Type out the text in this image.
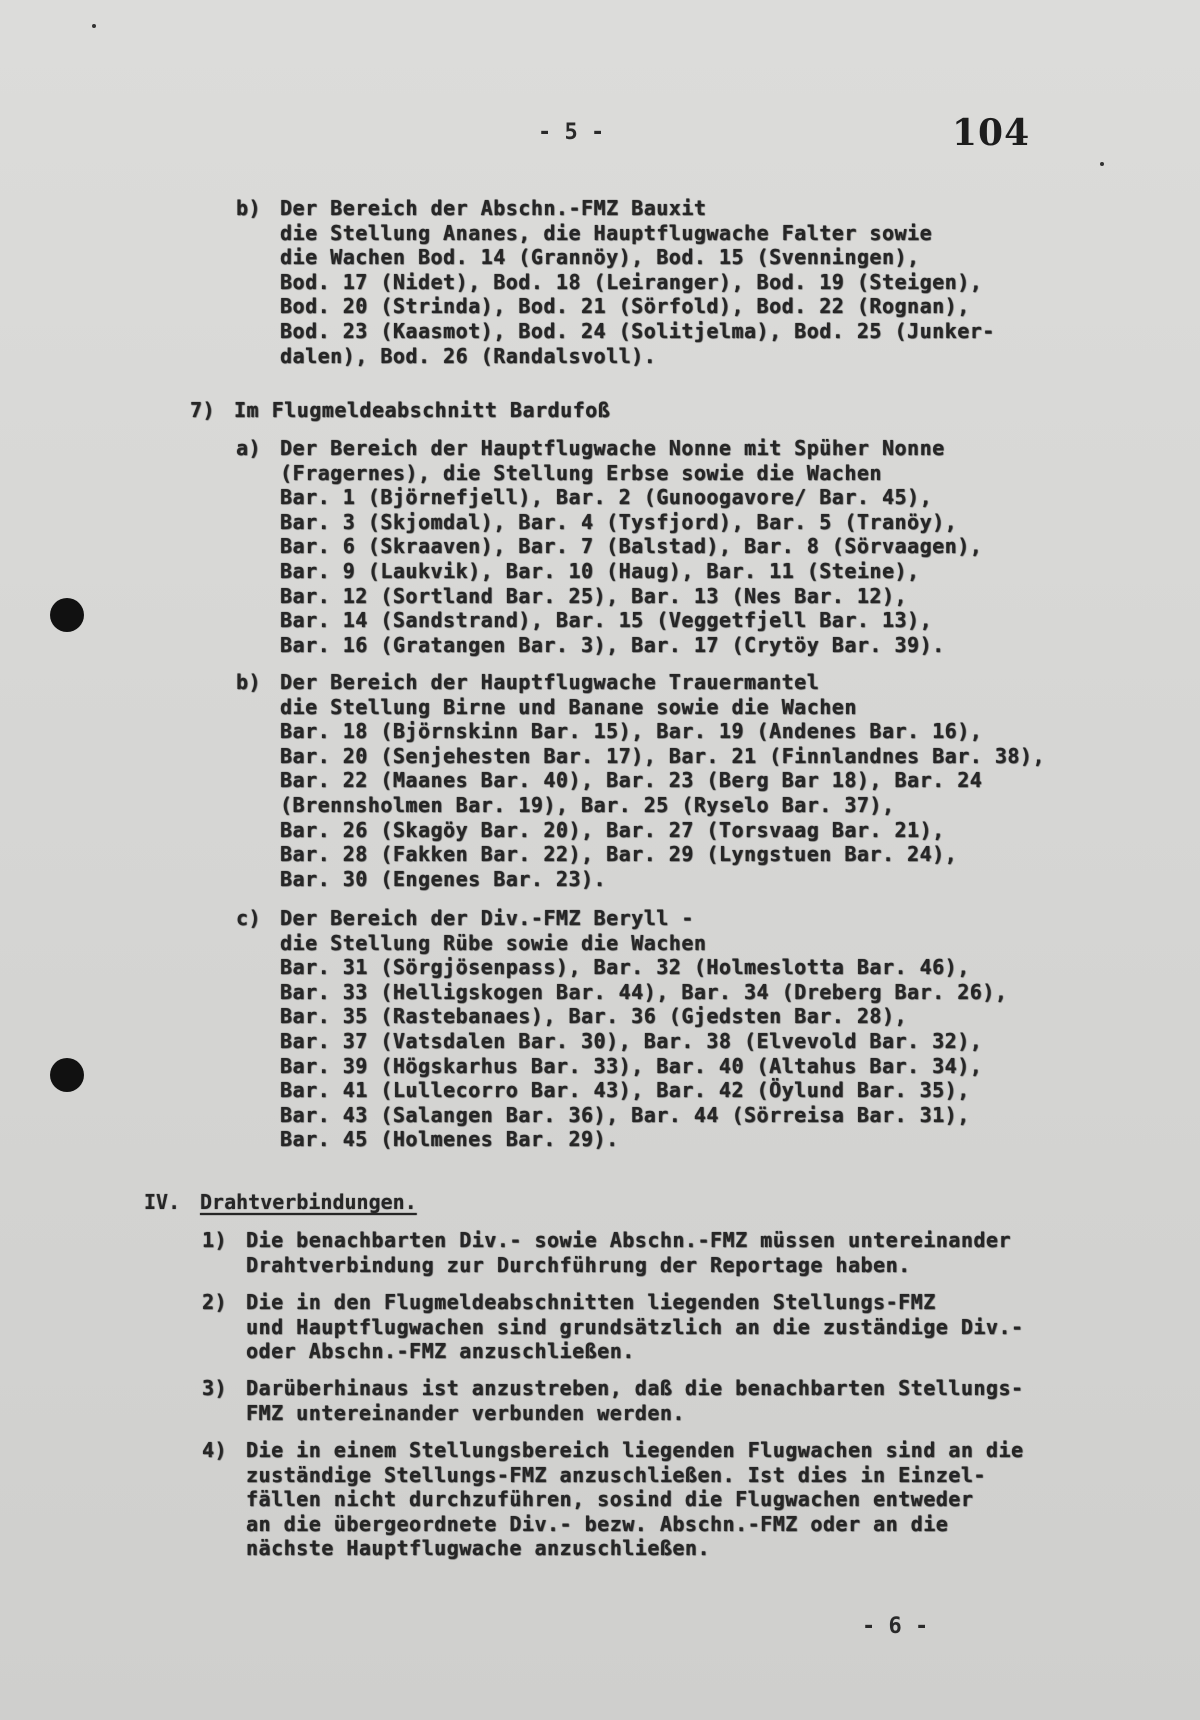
- 5 -	104
b) Der Bereich der Abschn.-FMZ Bauxit
die Stellung Ananes, die Hauptflugwache Falter sowie
die Wachen Bod. 14 (Grannöy), Bod. 15 (Svenningen),
Bod. 17 (Nidet), Bod. 18 (Leiranger), Bod. 19 (Steigen),
Bod. 20 (Strinda), Bod. 21 (Sörfold), Bod. 22 (Rognan),
Bod. 23 (Kaasmot), Bod. 24 (Solitjelma), Bod. 25 (Junker-
dalen), Bod. 26 (Randalsvoll).
7) Im Flugmeldeabschnitt Bardufoß
a) Der Bereich der Hauptflugwache Nonne mit Spüher Nonne
(Fragernes), die Stellung Erbse sowie die Wachen
Bar. 1 (Björnefjell), Bar. 2 (Gunoogavore/ Bar. 45),
Bar. 3 (Skjomdal), Bar. 4 (Tysfjord), Bar. 5 (Tranöy),
Bar. 6 (Skraaven), Bar. 7 (Balstad), Bar. 8 (Sörvaagen),
Bar. 9 (Laukvik), Bar. 10 (Haug), Bar. 11 (Steine),
Bar. 12 (Sortland Bar. 25), Bar. 13 (Nes Bar. 12),
Bar. 14 (Sandstrand), Bar. 15 (Veggetfjell Bar. 13),
Bar. 16 (Gratangen Bar. 3), Bar. 17 (Crytöy Bar. 39).
b) Der Bereich der Hauptflugwache Trauermantel
die Stellung Birne und Banane sowie die Wachen
Bar. 18 (Björnskinn Bar. 15), Bar. 19 (Andenes Bar. 16),
Bar. 20 (Senjehesten Bar. 17), Bar. 21 (Finnlandnes Bar. 38),
Bar. 22 (Maanes Bar. 40), Bar. 23 (Berg Bar 18), Bar. 24
(Brennsholmen Bar. 19), Bar. 25 (Ryselo Bar. 37),
Bar. 26 (Skagöy Bar. 20), Bar. 27 (Torsvaag Bar. 21),
Bar. 28 (Fakken Bar. 22), Bar. 29 (Lyngstuen Bar. 24),
Bar. 30 (Engenes Bar. 23).
c) Der Bereich der Div.-FMZ Beryll -
die Stellung Rübe sowie die Wachen
Bar. 31 (Sörgjösenpass), Bar. 32 (Holmeslotta Bar. 46),
Bar. 33 (Helligskogen Bar. 44), Bar. 34 (Dreberg Bar. 26),
Bar. 35 (Rastebanaes), Bar. 36 (Gjedsten Bar. 28),
Bar. 37 (Vatsdalen Bar. 30), Bar. 38 (Elvevold Bar. 32),
Bar. 39 (Högskarhus Bar. 33), Bar. 40 (Altahus Bar. 34),
Bar. 41 (Lullecorro Bar. 43), Bar. 42 (Öylund Bar. 35),
Bar. 43 (Salangen Bar. 36), Bar. 44 (Sörreisa Bar. 31),
Bar. 45 (Holmenes Bar. 29).
IV. Drahtverbindungen.
1) Die benachbarten Div.- sowie Abschn.-FMZ müssen untereinander
Drahtverbindung zur Durchführung der Reportage haben.
2) Die in den Flugmeldeabschnitten liegenden Stellungs-FMZ
und Hauptflugwachen sind grundsätzlich an die zuständige Div.-
oder Abschn.-FMZ anzuschließen.
3) Darüberhinaus ist anzustreben, daß die benachbarten Stellungs-
FMZ untereinander verbunden werden.
4) Die in einem Stellungsbereich liegenden Flugwachen sind an die
zuständige Stellungs-FMZ anzuschließen. Ist dies in Einzel-
fällen nicht durchzuführen, sosind die Flugwachen entweder
an die übergeordnete Div.- bezw. Abschn.-FMZ oder an die
nächste Hauptflugwache anzuschließen.
- 6 -
